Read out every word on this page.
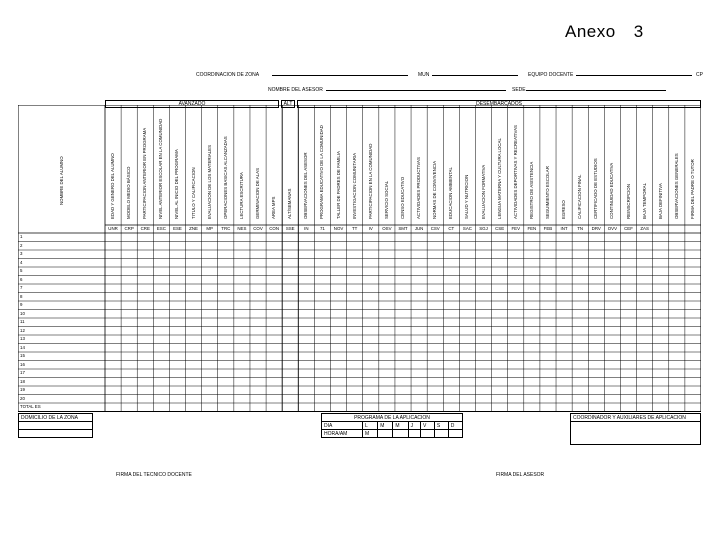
Anexo 3
COORDINACION DE ZONA	MUN	EQUIPO DOCENTE	CP
NOMBRE DEL ASESOR	SEDE
AVANZADO	ALT	DESEMBARCADOS
NOMBRE DEL ALUMNO	EDAD Y GENERO DEL ALUMNO	MODELO MEDIO BÁSICO	PARTICIPACION ANTERIOR EN PROGRAMA	NIVEL ANTERIOR ESCOLAR EN LA COMUNIDAD	NIVEL AL INICIO DEL PROGRAMA	TITULO Y CALIFICACION	EVALUACION DE LOS MATERIALES	OPERACIONES BASICAS ALCANZADAS	LECTURA ESCRITURA	GERMINACION DE ALAS	AREA MPS	ALT/SEMANAS	OBSERVACIONES DEL ASESOR	PROGRAMA EDUCATIVO DE LA COMUNIDAD	TALLER DE PADRES DE FAMILIA	INVESTIGACION COMUNITARIA	PARTICIPACION EN LA COMUNIDAD	SERVICIO SOCIAL	CENSO EDUCATIVO	ACTIVIDADES PRODUCTIVAS	NORMAS DE CONVIVENCIA	EDUCACION AMBIENTAL	SALUD Y NUTRICION	EVALUACION FORMATIVA	LENGUA MATERNA Y CULTURA LOCAL	ACTIVIDADES DEPORTIVAS Y RECREATIVAS	REGISTRO DE ASISTENCIA	SEGUIMIENTO ESCOLAR	EGRESO	CALIFICACION FINAL	CERTIFICADO DE ESTUDIOS	CONTINUIDAD EDUCATIVA	REINSCRIPCION	BAJA TEMPORAL	BAJA DEFINITIVA	OBSERVACIONES GENERALES	FIRMA DEL PADRE O TUTOR
UNR	CRP	CRE	ESC	ESE	ZNE	MP	TRC	NES	COV	CON	SSE	IN	71	NOV	TT	IV	OSV	SMT	JUN	CSV	CT	SAC	SGJ	CSE	FEV	FEN	FEB	INT	TN	DRV	OVV	CEF	ZAS
1
2
3
4
5
6
7
8
9
10
11
12
13
14
15
16
17
18
19
20
TOTAL ES
DOMICILIO DE LA ZONA	PROGRAMA DE LA APLICACION							
DIA	L	M	M	J	V	S	D
HORA/AM	M						
COORDINADOR Y AUXILIARES DE APLICACION

FIRMA DEL TECNICO DOCENTE	FIRMA DEL ASESOR
